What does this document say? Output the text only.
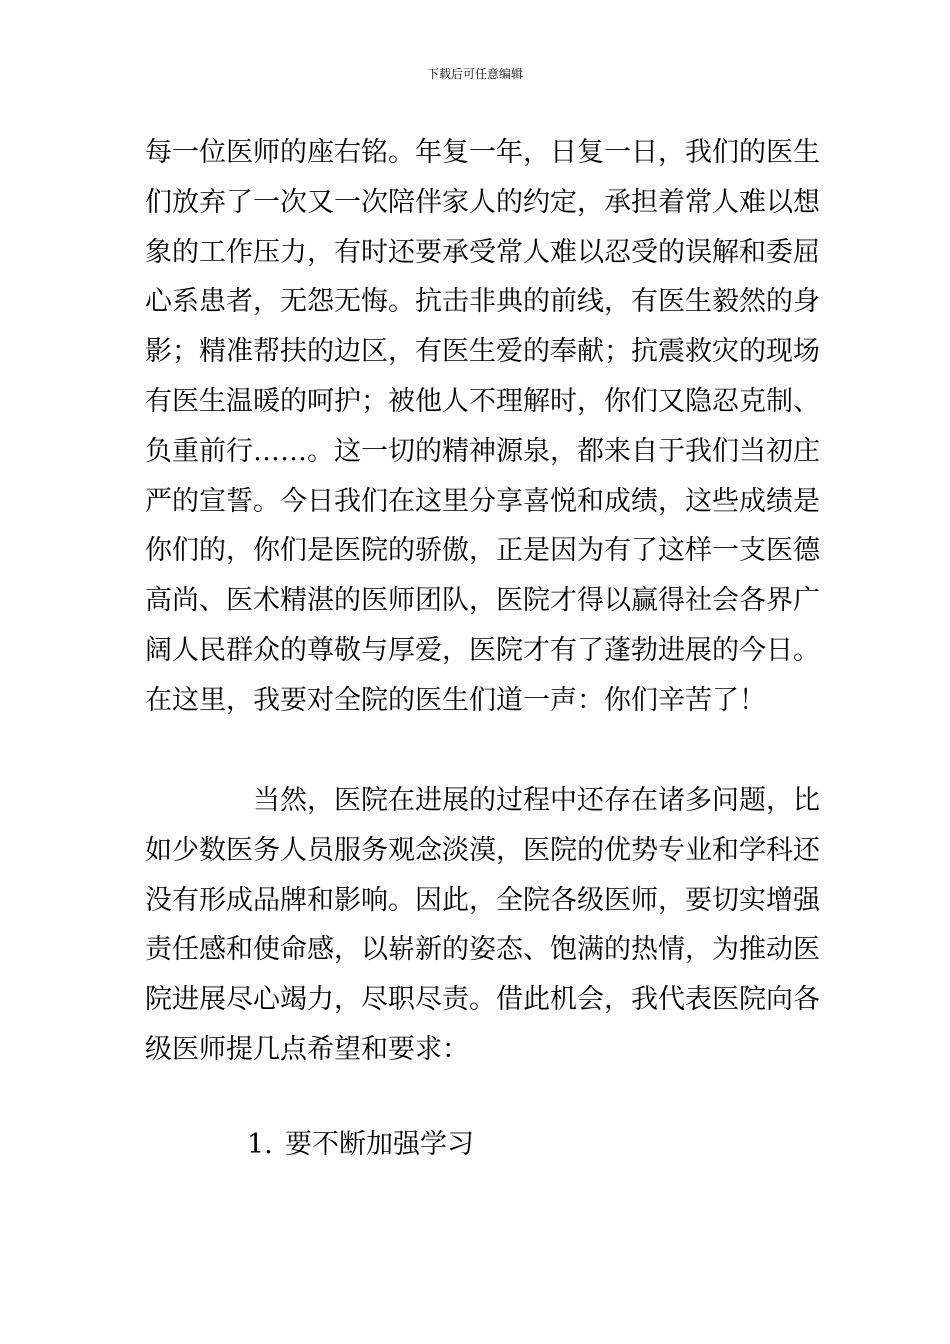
下载后可任意编辑
每一位医师的座右铭。年复一年，日复一日，我们的医生
们放弃了一次又一次陪伴家人的约定，承担着常人难以想
象的工作压力，有时还要承受常人难以忍受的误解和委屈
心系患者，无怨无悔。抗击非典的前线，有医生毅然的身
影；精准帮扶的边区，有医生爱的奉献；抗震救灾的现场
有医生温暖的呵护；被他人不理解时，你们又隐忍克制、
负重前行……。这一切的精神源泉，都来自于我们当初庄
严的宣誓。今日我们在这里分享喜悦和成绩，这些成绩是
你们的，你们是医院的骄傲，正是因为有了这样一支医德
高尚、医术精湛的医师团队，医院才得以赢得社会各界广
阔人民群众的尊敬与厚爱，医院才有了蓬勃进展的今日。
在这里，我要对全院的医生们道一声：你们辛苦了！
当然，医院在进展的过程中还存在诸多问题，比
如少数医务人员服务观念淡漠，医院的优势专业和学科还
没有形成品牌和影响。因此，全院各级医师，要切实增强
责任感和使命感，以崭新的姿态、饱满的热情，为推动医
院进展尽心竭力，尽职尽责。借此机会，我代表医院向各
级医师提几点希望和要求：
1. 要不断加强学习
